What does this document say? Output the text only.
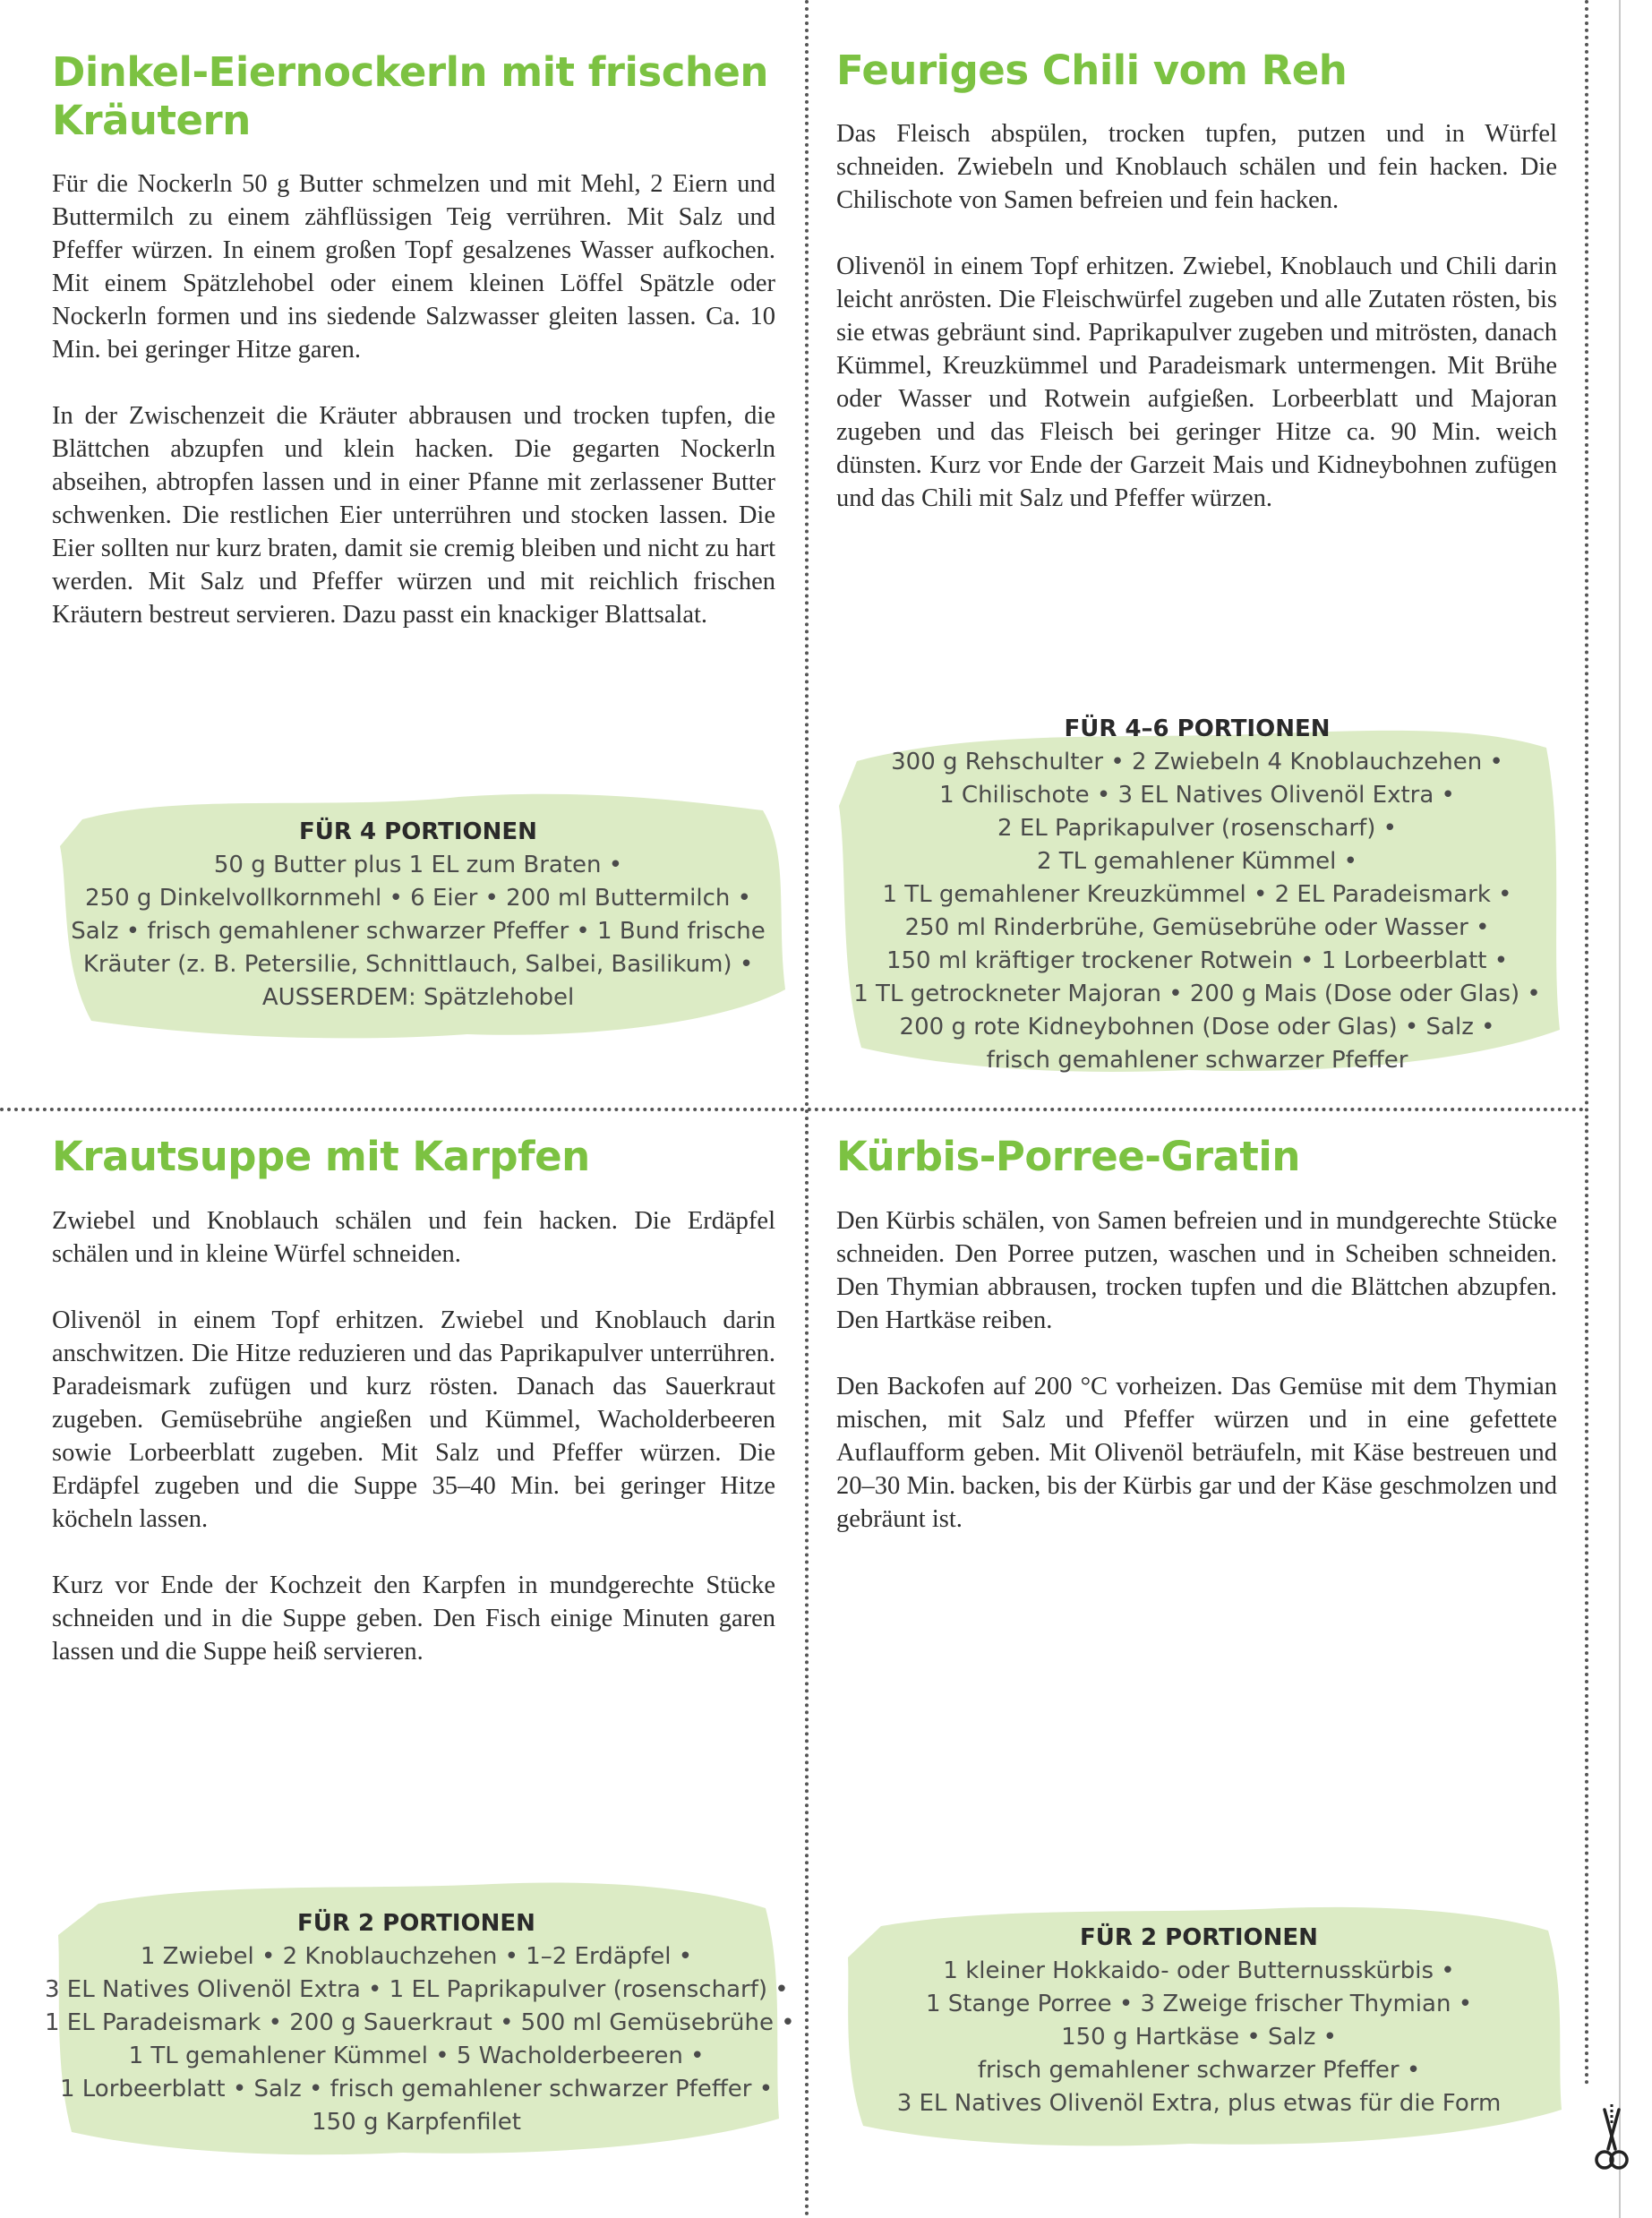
Dinkel-Eiernockerln mit frischen Kräutern

Für die Nockerln 50 g Butter schmelzen und mit Mehl, 2 Eiern und Buttermilch zu einem zähflüssigen Teig verrühren. Mit Salz und Pfeffer würzen. In einem großen Topf gesalzenes Wasser aufkochen. Mit einem Spätzlehobel oder einem kleinen Löffel Spätzle oder Nockerln formen und ins siedende Salzwasser gleiten lassen. Ca. 10 Min. bei geringer Hitze garen.

In der Zwischenzeit die Kräuter abbrausen und trocken tupfen, die Blättchen abzupfen und klein hacken. Die gegarten Nockerln abseihen, abtropfen lassen und in einer Pfanne mit zerlassener Butter schwenken. Die restlichen Eier unterrühren und stocken lassen. Die Eier sollten nur kurz braten, damit sie cremig bleiben und nicht zu hart werden. Mit Salz und Pfeffer würzen und mit reichlich frischen Kräutern bestreut servieren. Dazu passt ein knackiger Blattsalat.

FÜR 4 PORTIONEN
50 g Butter plus 1 EL zum Braten •
250 g Dinkelvollkornmehl • 6 Eier • 200 ml Buttermilch •
Salz • frisch gemahlener schwarzer Pfeffer • 1 Bund frische
Kräuter (z. B. Petersilie, Schnittlauch, Salbei, Basilikum) •
AUSSERDEM: Spätzlehobel
Feuriges Chili vom Reh

Das Fleisch abspülen, trocken tupfen, putzen und in Würfel schneiden. Zwiebeln und Knoblauch schälen und fein hacken. Die Chilischote von Samen befreien und fein hacken.

Olivenöl in einem Topf erhitzen. Zwiebel, Knoblauch und Chili darin leicht anrösten. Die Fleischwürfel zugeben und alle Zutaten rösten, bis sie etwas gebräunt sind. Paprikapulver zugeben und mitrösten, danach Kümmel, Kreuzkümmel und Paradeismark untermengen. Mit Brühe oder Wasser und Rotwein aufgießen. Lorbeerblatt und Majoran zugeben und das Fleisch bei geringer Hitze ca. 90 Min. weich dünsten. Kurz vor Ende der Garzeit Mais und Kidneybohnen zufügen und das Chili mit Salz und Pfeffer würzen.

FÜR 4–6 PORTIONEN
300 g Rehschulter • 2 Zwiebeln 4 Knoblauchzehen •
1 Chilischote • 3 EL Natives Olivenöl Extra •
2 EL Paprikapulver (rosenscharf) •
2 TL gemahlener Kümmel •
1 TL gemahlener Kreuzkümmel • 2 EL Paradeismark •
250 ml Rinderbrühe, Gemüsebrühe oder Wasser •
150 ml kräftiger trockener Rotwein • 1 Lorbeerblatt •
1 TL getrockneter Majoran • 200 g Mais (Dose oder Glas) •
200 g rote Kidneybohnen (Dose oder Glas) • Salz •
frisch gemahlener schwarzer Pfeffer
Krautsuppe mit Karpfen

Zwiebel und Knoblauch schälen und fein hacken. Die Erdäpfel schälen und in kleine Würfel schneiden.

Olivenöl in einem Topf erhitzen. Zwiebel und Knoblauch darin anschwitzen. Die Hitze reduzieren und das Paprikapulver unterrühren. Paradeismark zufügen und kurz rösten. Danach das Sauerkraut zugeben. Gemüsebrühe angießen und Kümmel, Wacholderbeeren sowie Lorbeerblatt zugeben. Mit Salz und Pfeffer würzen. Die Erdäpfel zugeben und die Suppe 35–40 Min. bei geringer Hitze köcheln lassen.

Kurz vor Ende der Kochzeit den Karpfen in mundgerechte Stücke schneiden und in die Suppe geben. Den Fisch einige Minuten garen lassen und die Suppe heiß servieren.

FÜR 2 PORTIONEN
1 Zwiebel • 2 Knoblauchzehen • 1–2 Erdäpfel •
3 EL Natives Olivenöl Extra • 1 EL Paprikapulver (rosenscharf) •
1 EL Paradeismark • 200 g Sauerkraut • 500 ml Gemüsebrühe •
1 TL gemahlener Kümmel • 5 Wacholderbeeren •
1 Lorbeerblatt • Salz • frisch gemahlener schwarzer Pfeffer •
150 g Karpfenfilet
Kürbis-Porree-Gratin

Den Kürbis schälen, von Samen befreien und in mundgerechte Stücke schneiden. Den Porree putzen, waschen und in Scheiben schneiden. Den Thymian abbrausen, trocken tupfen und die Blättchen abzupfen. Den Hartkäse reiben.

Den Backofen auf 200 °C vorheizen. Das Gemüse mit dem Thymian mischen, mit Salz und Pfeffer würzen und in eine gefettete Auflaufform geben. Mit Olivenöl beträufeln, mit Käse bestreuen und 20–30 Min. backen, bis der Kürbis gar und der Käse geschmolzen und gebräunt ist.

FÜR 2 PORTIONEN
1 kleiner Hokkaido- oder Butternusskürbis •
1 Stange Porree • 3 Zweige frischer Thymian •
150 g Hartkäse • Salz •
frisch gemahlener schwarzer Pfeffer •
3 EL Natives Olivenöl Extra, plus etwas für die Form
